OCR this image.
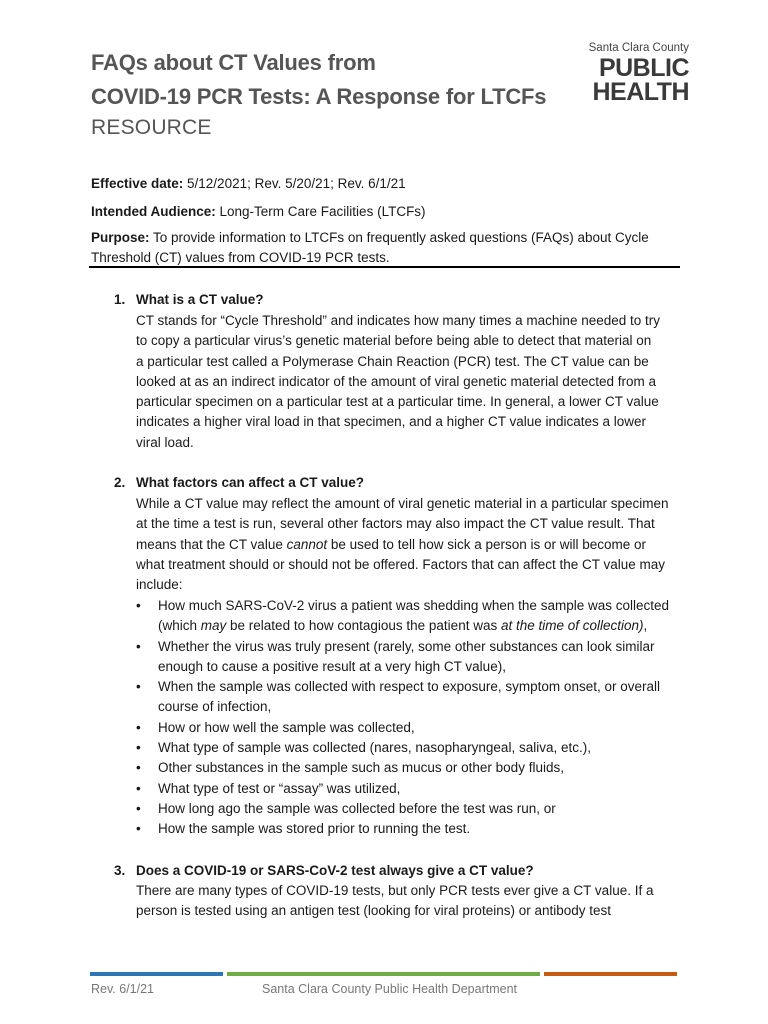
FAQs about CT Values from
COVID-19 PCR Tests: A Response for LTCFs
RESOURCE
Santa Clara County
PUBLIC
HEALTH
Effective date: 5/12/2021; Rev. 5/20/21; Rev. 6/1/21
Intended Audience: Long-Term Care Facilities (LTCFs)
Purpose: To provide information to LTCFs on frequently asked questions (FAQs) about Cycle
Threshold (CT) values from COVID-19 PCR tests.
1. What is a CT value?
CT stands for “Cycle Threshold” and indicates how many times a machine needed to try
to copy a particular virus’s genetic material before being able to detect that material on
a particular test called a Polymerase Chain Reaction (PCR) test. The CT value can be
looked at as an indirect indicator of the amount of viral genetic material detected from a
particular specimen on a particular test at a particular time. In general, a lower CT value
indicates a higher viral load in that specimen, and a higher CT value indicates a lower
viral load.
2. What factors can affect a CT value?
While a CT value may reflect the amount of viral genetic material in a particular specimen
at the time a test is run, several other factors may also impact the CT value result. That
means that the CT value cannot be used to tell how sick a person is or will become or
what treatment should or should not be offered. Factors that can affect the CT value may
include:
• How much SARS-CoV-2 virus a patient was shedding when the sample was collected
(which may be related to how contagious the patient was at the time of collection),
• Whether the virus was truly present (rarely, some other substances can look similar
enough to cause a positive result at a very high CT value),
• When the sample was collected with respect to exposure, symptom onset, or overall
course of infection,
• How or how well the sample was collected,
• What type of sample was collected (nares, nasopharyngeal, saliva, etc.),
• Other substances in the sample such as mucus or other body fluids,
• What type of test or “assay” was utilized,
• How long ago the sample was collected before the test was run, or
• How the sample was stored prior to running the test.
3. Does a COVID-19 or SARS-CoV-2 test always give a CT value?
There are many types of COVID-19 tests, but only PCR tests ever give a CT value. If a
person is tested using an antigen test (looking for viral proteins) or antibody test
Rev. 6/1/21	Santa Clara County Public Health Department
